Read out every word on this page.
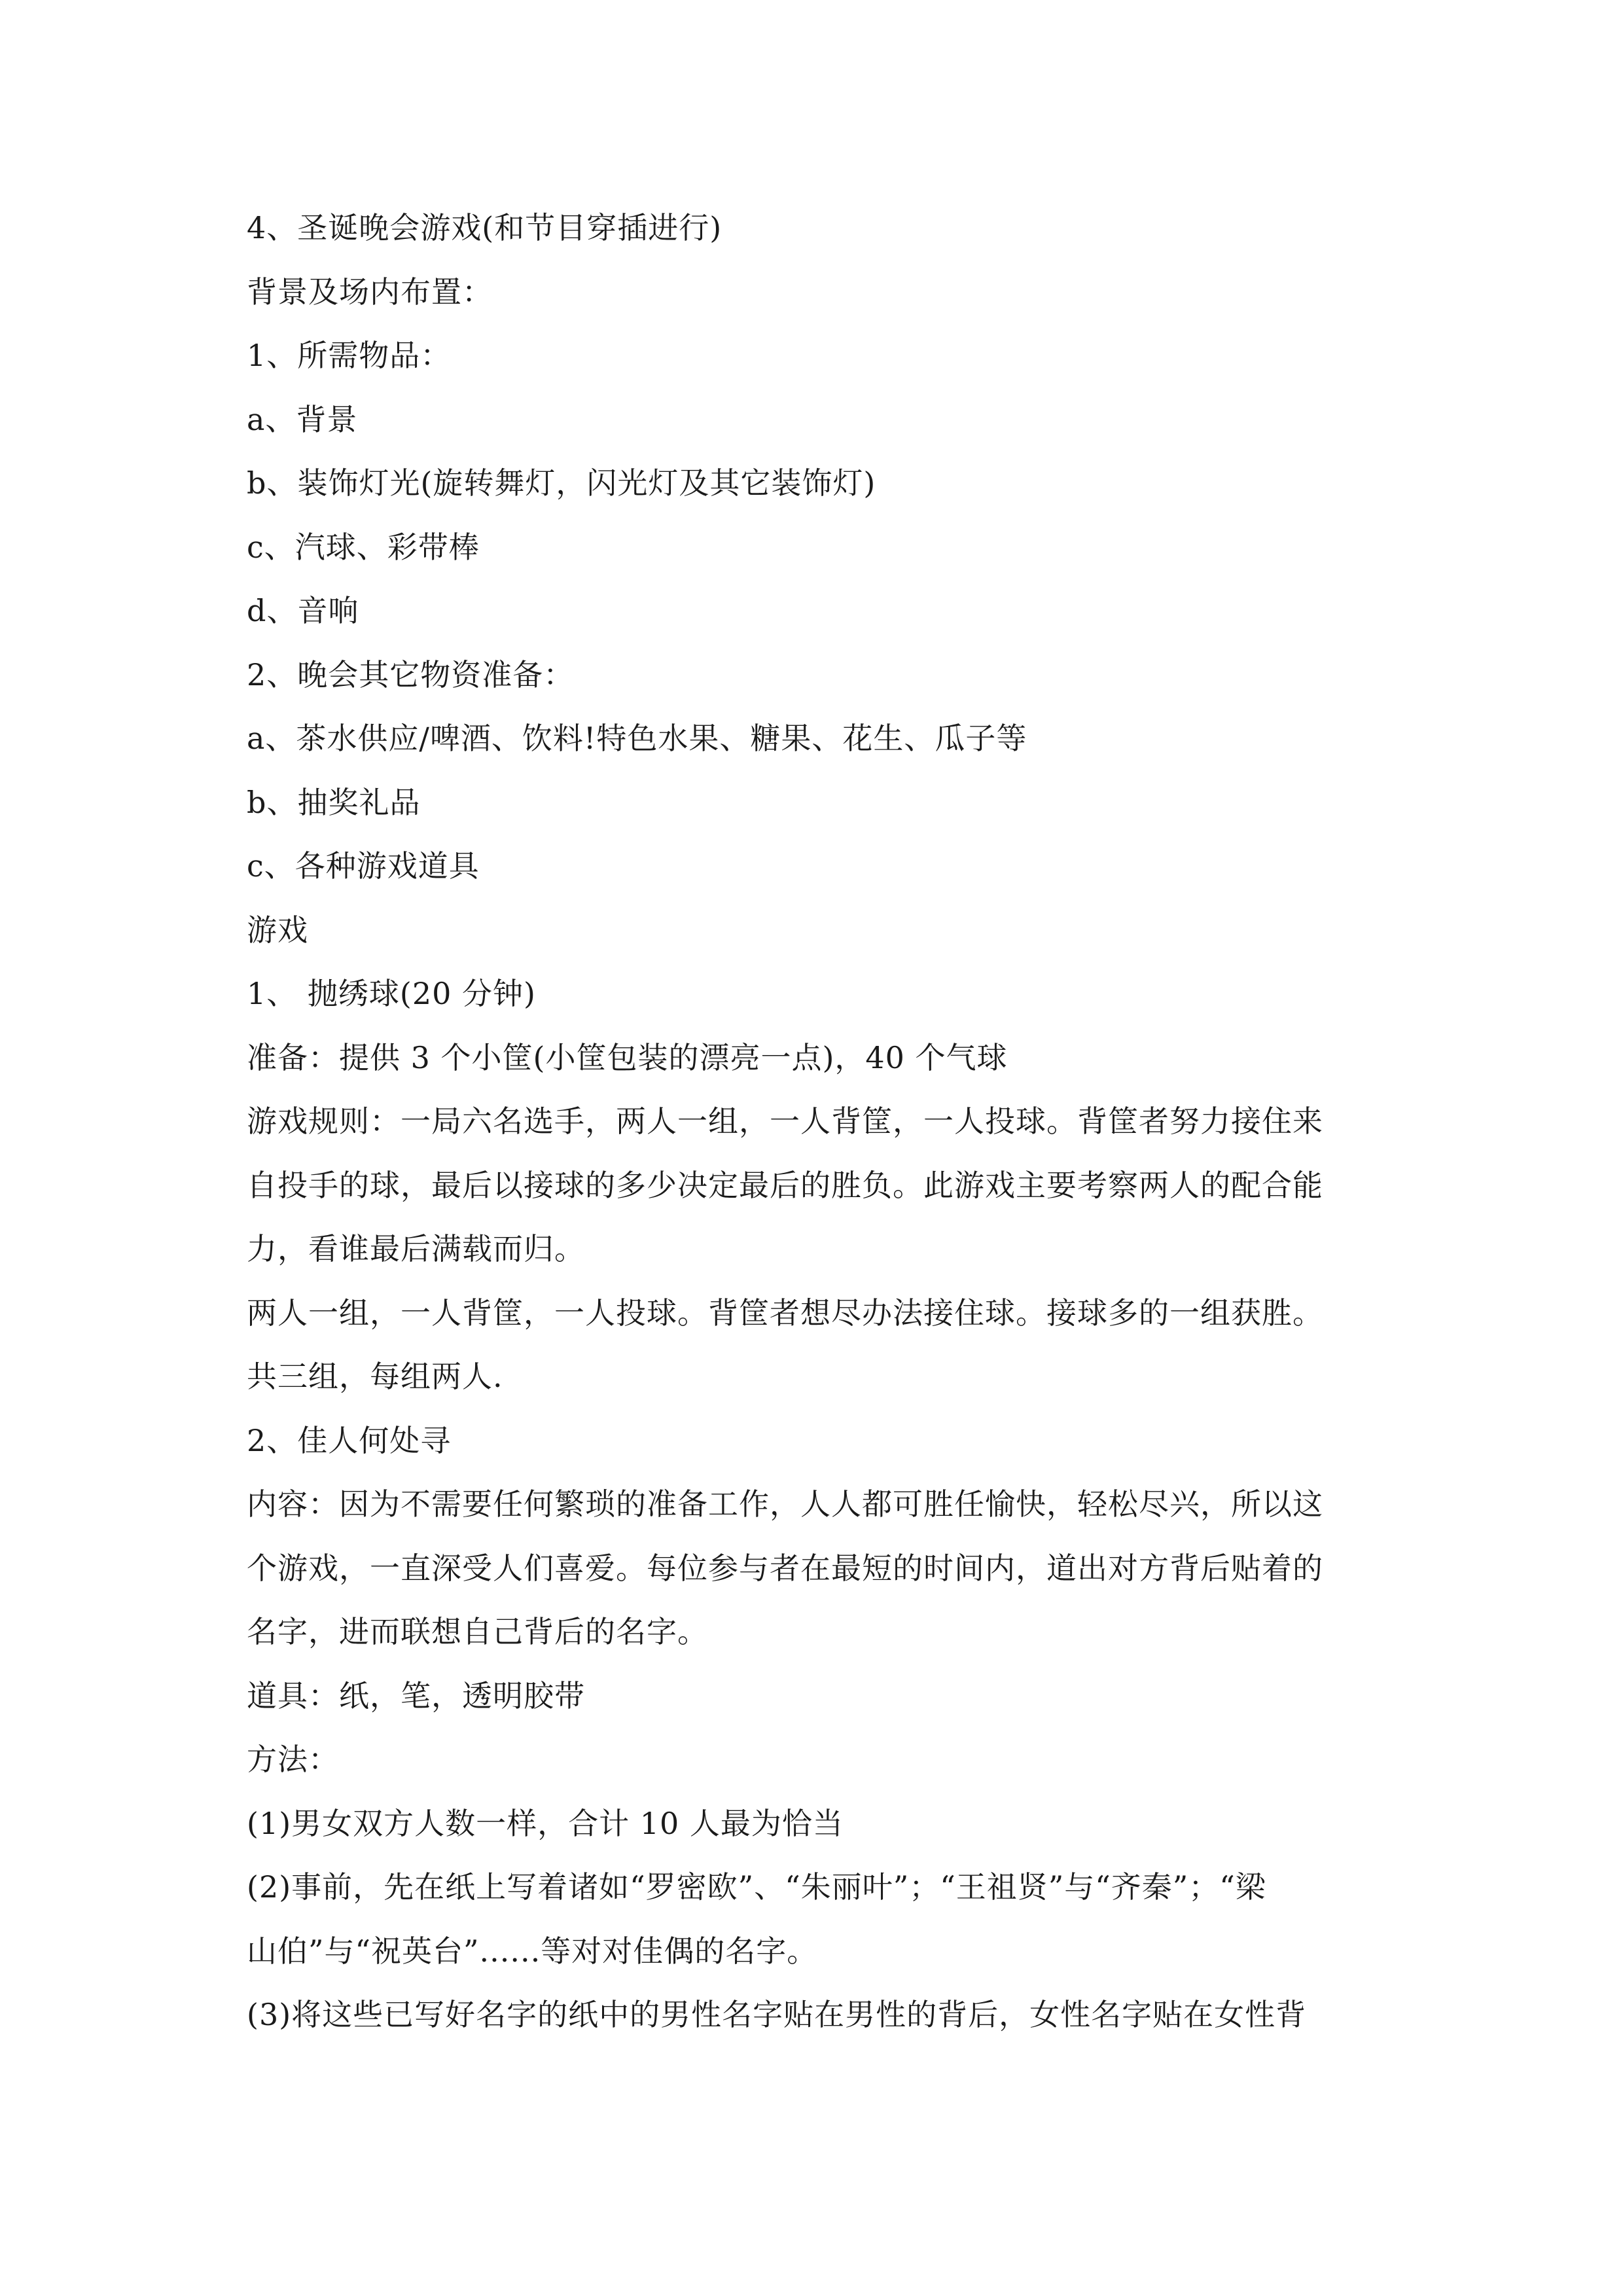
4、圣诞晚会游戏(和节目穿插进行)
背景及场内布置：
1、所需物品：
a、背景
b、装饰灯光(旋转舞灯，闪光灯及其它装饰灯)
c、汽球、彩带棒
d、音响
2、晚会其它物资准备：
a、茶水供应/啤酒、饮料!特色水果、糖果、花生、瓜子等
b、抽奖礼品
c、各种游戏道具
游戏
1、 抛绣球(20 分钟)
准备：提供 3 个小筐(小筐包装的漂亮一点)，40 个气球
游戏规则：一局六名选手，两人一组，一人背筐，一人投球。背筐者努力接住来
自投手的球，最后以接球的多少决定最后的胜负。此游戏主要考察两人的配合能
力，看谁最后满载而归。
两人一组，一人背筐，一人投球。背筐者想尽办法接住球。接球多的一组获胜。
共三组，每组两人.
2、佳人何处寻
内容：因为不需要任何繁琐的准备工作，人人都可胜任愉快，轻松尽兴，所以这
个游戏，一直深受人们喜爱。每位参与者在最短的时间内，道出对方背后贴着的
名字，进而联想自己背后的名字。
道具：纸，笔，透明胶带
方法：
(1)男女双方人数一样，合计 10 人最为恰当
(2)事前，先在纸上写着诸如“罗密欧”、“朱丽叶”；“王祖贤”与“齐秦”；“梁
山伯”与“祝英台”......等对对佳偶的名字。
(3)将这些已写好名字的纸中的男性名字贴在男性的背后，女性名字贴在女性背
